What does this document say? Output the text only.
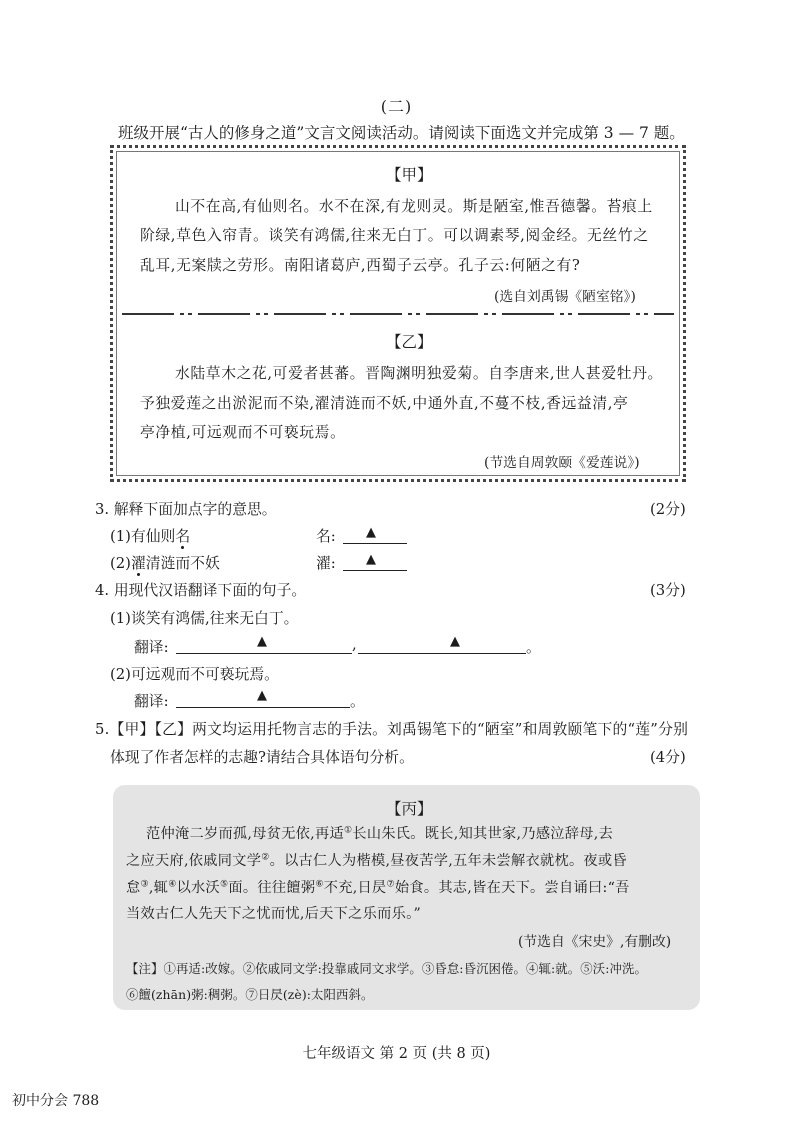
(二)
班级开展“古人的修身之道”文言文阅读活动。请阅读下面选文并完成第 3 — 7 题。
【甲】
山不在高,有仙则名。水不在深,有龙则灵。斯是陋室,惟吾德馨。苔痕上
阶绿,草色入帘青。谈笑有鸿儒,往来无白丁。可以调素琴,阅金经。无丝竹之
乱耳,无案牍之劳形。南阳诸葛庐,西蜀子云亭。孔子云:何陋之有?
(选自刘禹锡《陋室铭》)
【乙】
水陆草木之花,可爱者甚蕃。晋陶渊明独爱菊。自李唐来,世人甚爱牡丹。
予独爱莲之出淤泥而不染,濯清涟而不妖,中通外直,不蔓不枝,香远益清,亭
亭净植,可远观而不可亵玩焉。
(节选自周敦颐《爱莲说》)
3. 解释下面加点字的意思。	(2分)
(1)有仙则名	名: ▲
(2)濯清涟而不妖	濯: ▲
4. 用现代汉语翻译下面的句子。	(3分)
(1)谈笑有鸿儒,往来无白丁。
翻译:	▲	,	▲	。
(2)可远观而不可亵玩焉。
翻译:	▲	。
5.【甲】【乙】两文均运用托物言志的手法。刘禹锡笔下的“陋室”和周敦颐笔下的“莲”分别
体现了作者怎样的志趣?请结合具体语句分析。	(4分)
【丙】
范仲淹二岁而孤,母贫无依,再适①长山朱氏。既长,知其世家,乃感泣辞母,去
之应天府,依戚同文学②。以古仁人为楷模,昼夜苦学,五年未尝解衣就枕。夜或昏
怠③,辄④以水沃⑤面。往往饘粥⑥不充,日昃⑦始食。其志,皆在天下。尝自诵曰:“吾
当效古仁人先天下之忧而忧,后天下之乐而乐。”
(节选自《宋史》,有删改)
【注】①再适:改嫁。②依戚同文学:投靠戚同文求学。③昏怠:昏沉困倦。④辄:就。⑤沃:冲洗。
⑥饘(zhān)粥:稠粥。⑦日昃(zè):太阳西斜。
七年级语文 第 2 页 (共 8 页)
初中分会 788
